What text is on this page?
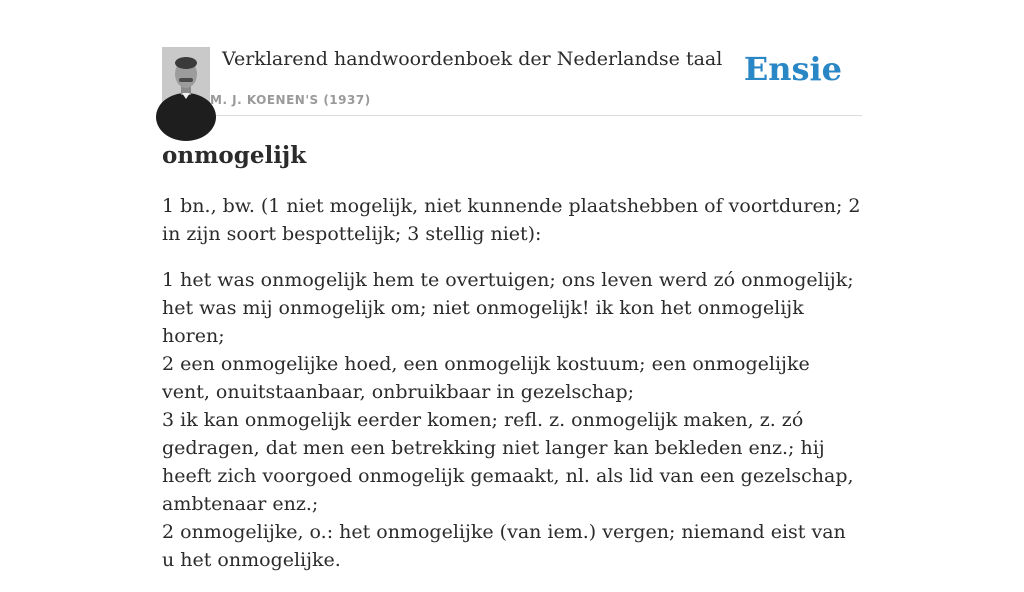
Verklarend handwoordenboek der Nederlandse taal
M. J. KOENEN'S (1937)
Ensie
onmogelijk

1 bn., bw. (1 niet mogelijk, niet kunnende plaatshebben of voortduren; 2 in zijn soort bespottelijk; 3 stellig niet):

1 het was onmogelijk hem te overtuigen; ons leven werd zó onmogelijk; het was mij onmogelijk om; niet onmogelijk! ik kon het onmogelijk horen;
2 een onmogelijke hoed, een onmogelijk kostuum; een onmogelijke vent, onuitstaanbaar, onbruikbaar in gezelschap;
3 ik kan onmogelijk eerder komen; refl. z. onmogelijk maken, z. zó gedragen, dat men een betrekking niet langer kan bekleden enz.; hij heeft zich voorgoed onmogelijk gemaakt, nl. als lid van een gezelschap, ambtenaar enz.;
2 onmogelijke, o.: het onmogelijke (van iem.) vergen; niemand eist van u het onmogelijke.
